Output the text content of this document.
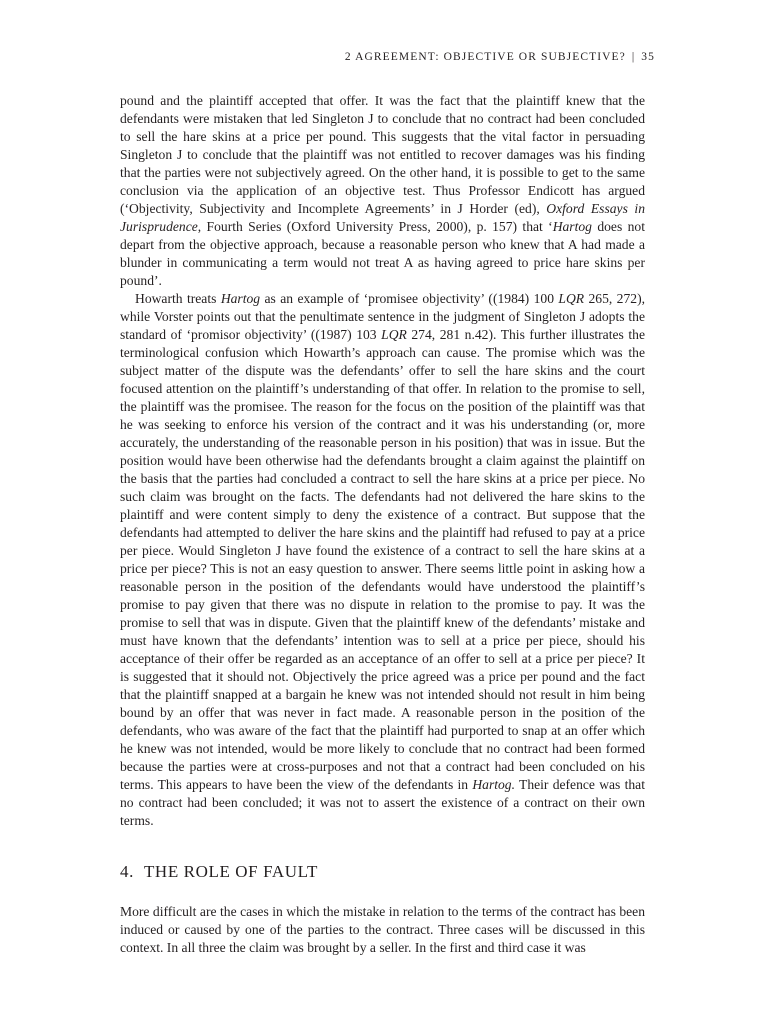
2 AGREEMENT: OBJECTIVE OR SUBJECTIVE? | 35

pound and the plaintiff accepted that offer. It was the fact that the plaintiff knew that the defendants were mistaken that led Singleton J to conclude that no contract had been concluded to sell the hare skins at a price per pound. This suggests that the vital factor in persuading Singleton J to conclude that the plaintiff was not entitled to recover damages was his finding that the parties were not subjectively agreed. On the other hand, it is possible to get to the same conclusion via the application of an objective test. Thus Professor Endicott has argued (‘Objectivity, Subjectivity and Incomplete Agreements’ in J Horder (ed), Oxford Essays in Jurisprudence, Fourth Series (Oxford University Press, 2000), p. 157) that ‘Hartog does not depart from the objective approach, because a reasonable person who knew that A had made a blunder in communicating a term would not treat A as having agreed to price hare skins per pound’.

Howarth treats Hartog as an example of ‘promisee objectivity’ ((1984) 100 LQR 265, 272), while Vorster points out that the penultimate sentence in the judgment of Singleton J adopts the standard of ‘promisor objectivity’ ((1987) 103 LQR 274, 281 n.42). This further illustrates the terminological confusion which Howarth’s approach can cause. The promise which was the subject matter of the dispute was the defendants’ offer to sell the hare skins and the court focused attention on the plaintiff’s understanding of that offer. In relation to the promise to sell, the plaintiff was the promisee. The reason for the focus on the position of the plaintiff was that he was seeking to enforce his version of the contract and it was his understanding (or, more accurately, the understanding of the reasonable person in his position) that was in issue. But the position would have been otherwise had the defendants brought a claim against the plaintiff on the basis that the parties had concluded a contract to sell the hare skins at a price per piece. No such claim was brought on the facts. The defendants had not delivered the hare skins to the plaintiff and were content simply to deny the existence of a contract. But suppose that the defendants had attempted to deliver the hare skins and the plaintiff had refused to pay at a price per piece. Would Singleton J have found the existence of a contract to sell the hare skins at a price per piece? This is not an easy question to answer. There seems little point in asking how a reasonable person in the position of the defendants would have understood the plaintiff’s promise to pay given that there was no dispute in relation to the promise to pay. It was the promise to sell that was in dispute. Given that the plaintiff knew of the defendants’ mistake and must have known that the defendants’ intention was to sell at a price per piece, should his acceptance of their offer be regarded as an acceptance of an offer to sell at a price per piece? It is suggested that it should not. Objectively the price agreed was a price per pound and the fact that the plaintiff snapped at a bargain he knew was not intended should not result in him being bound by an offer that was never in fact made. A reasonable person in the position of the defendants, who was aware of the fact that the plaintiff had purported to snap at an offer which he knew was not intended, would be more likely to conclude that no contract had been formed because the parties were at cross-purposes and not that a contract had been concluded on his terms. This appears to have been the view of the defendants in Hartog. Their defence was that no contract had been concluded; it was not to assert the existence of a contract on their own terms.

4. THE ROLE OF FAULT

More difficult are the cases in which the mistake in relation to the terms of the contract has been induced or caused by one of the parties to the contract. Three cases will be discussed in this context. In all three the claim was brought by a seller. In the first and third case it was
